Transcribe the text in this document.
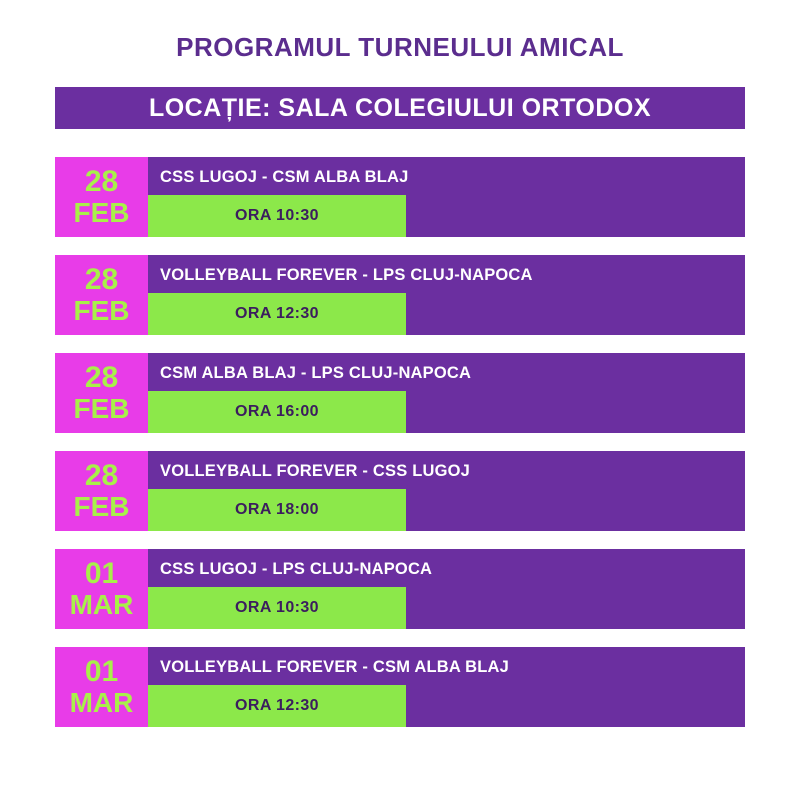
PROGRAMUL TURNEULUI AMICAL
LOCAȚIE: SALA COLEGIULUI ORTODOX
28
FEB
CSS LUGOJ - CSM ALBA BLAJ
ORA 10:30
28
FEB
VOLLEYBALL FOREVER - LPS CLUJ-NAPOCA
ORA 12:30
28
FEB
CSM ALBA BLAJ - LPS CLUJ-NAPOCA
ORA 16:00
28
FEB
VOLLEYBALL FOREVER - CSS LUGOJ
ORA 18:00
01
MAR
CSS LUGOJ - LPS CLUJ-NAPOCA
ORA 10:30
01
MAR
VOLLEYBALL FOREVER - CSM ALBA BLAJ
ORA 12:30
